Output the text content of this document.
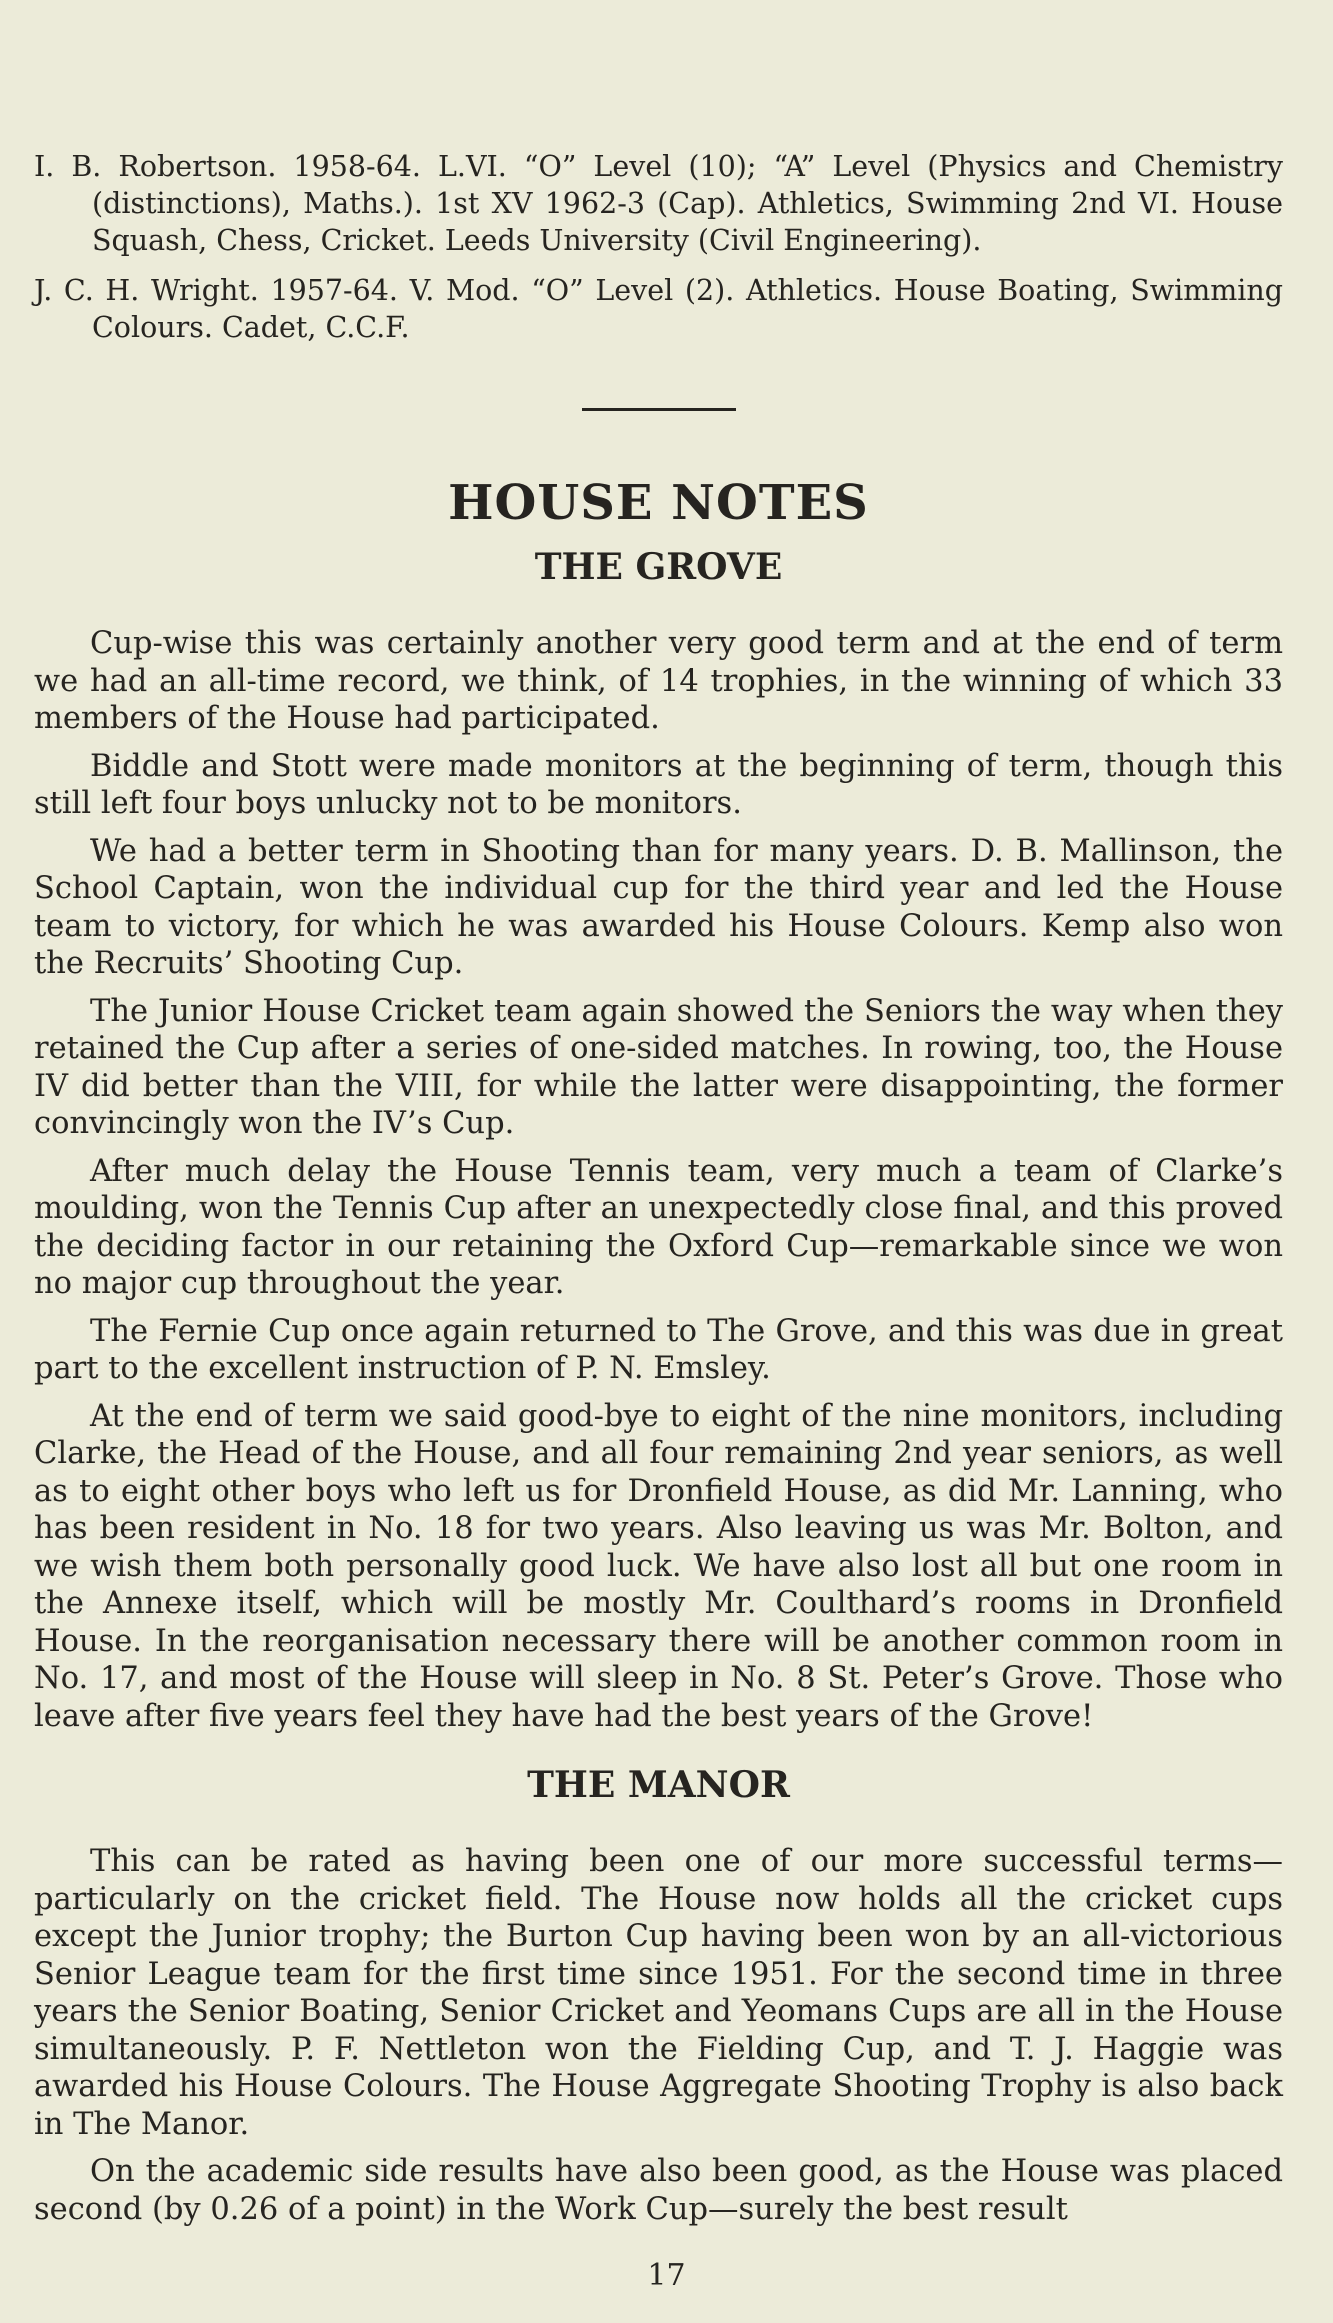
I. B. Robertson. 1958-64. L.VI. “O” Level (10); “A” Level (Physics and Chemistry (distinctions), Maths.). 1st XV 1962-3 (Cap). Athletics, Swimming 2nd VI. House Squash, Chess, Cricket. Leeds University (Civil Engineering).

J. C. H. Wright. 1957-64. V. Mod. “O” Level (2). Athletics. House Boating, Swimming Colours. Cadet, C.C.F.

HOUSE NOTES
THE GROVE

Cup-wise this was certainly another very good term and at the end of term we had an all-time record, we think, of 14 trophies, in the winning of which 33 members of the House had participated.

Biddle and Stott were made monitors at the beginning of term, though this still left four boys unlucky not to be monitors.

We had a better term in Shooting than for many years. D. B. Mallinson, the School Captain, won the individual cup for the third year and led the House team to victory, for which he was awarded his House Colours. Kemp also won the Recruits’ Shooting Cup.

The Junior House Cricket team again showed the Seniors the way when they retained the Cup after a series of one-sided matches. In rowing, too, the House IV did better than the VIII, for while the latter were disappointing, the former convincingly won the IV’s Cup.

After much delay the House Tennis team, very much a team of Clarke’s moulding, won the Tennis Cup after an unexpectedly close final, and this proved the deciding factor in our retaining the Oxford Cup—remarkable since we won no major cup throughout the year.

The Fernie Cup once again returned to The Grove, and this was due in great part to the excellent instruction of P. N. Emsley.

At the end of term we said good-bye to eight of the nine monitors, including Clarke, the Head of the House, and all four remaining 2nd year seniors, as well as to eight other boys who left us for Dronfield House, as did Mr. Lanning, who has been resident in No. 18 for two years. Also leaving us was Mr. Bolton, and we wish them both personally good luck. We have also lost all but one room in the Annexe itself, which will be mostly Mr. Coulthard’s rooms in Dronfield House. In the reorganisation necessary there will be another common room in No. 17, and most of the House will sleep in No. 8 St. Peter’s Grove. Those who leave after five years feel they have had the best years of the Grove!

THE MANOR

This can be rated as having been one of our more successful terms—particularly on the cricket field. The House now holds all the cricket cups except the Junior trophy; the Burton Cup having been won by an all-victorious Senior League team for the first time since 1951. For the second time in three years the Senior Boating, Senior Cricket and Yeomans Cups are all in the House simultaneously. P. F. Nettleton won the Fielding Cup, and T. J. Haggie was awarded his House Colours. The House Aggregate Shooting Trophy is also back in The Manor.

On the academic side results have also been good, as the House was placed second (by 0.26 of a point) in the Work Cup—surely the best result

17
